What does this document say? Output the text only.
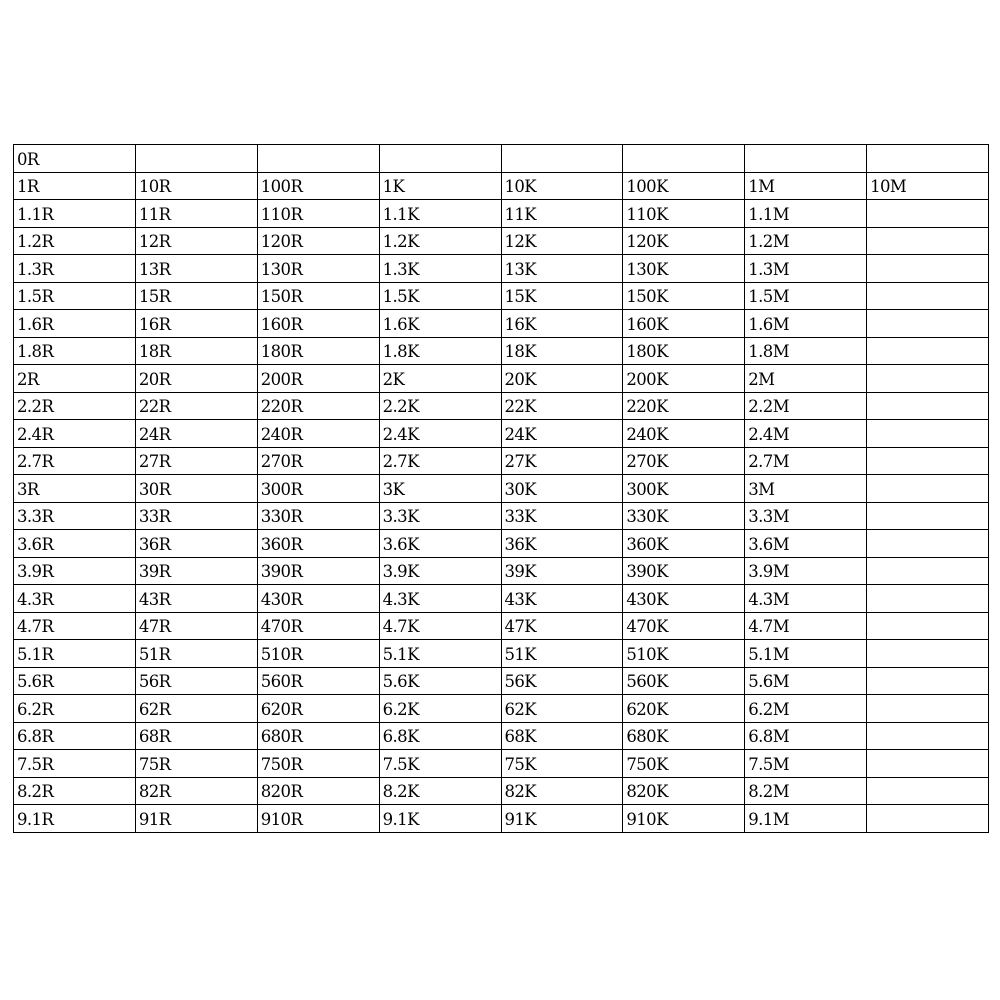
0R							
1R	10R	100R	1K	10K	100K	1M	10M
1.1R	11R	110R	1.1K	11K	110K	1.1M	
1.2R	12R	120R	1.2K	12K	120K	1.2M	
1.3R	13R	130R	1.3K	13K	130K	1.3M	
1.5R	15R	150R	1.5K	15K	150K	1.5M	
1.6R	16R	160R	1.6K	16K	160K	1.6M	
1.8R	18R	180R	1.8K	18K	180K	1.8M	
2R	20R	200R	2K	20K	200K	2M	
2.2R	22R	220R	2.2K	22K	220K	2.2M	
2.4R	24R	240R	2.4K	24K	240K	2.4M	
2.7R	27R	270R	2.7K	27K	270K	2.7M	
3R	30R	300R	3K	30K	300K	3M	
3.3R	33R	330R	3.3K	33K	330K	3.3M	
3.6R	36R	360R	3.6K	36K	360K	3.6M	
3.9R	39R	390R	3.9K	39K	390K	3.9M	
4.3R	43R	430R	4.3K	43K	430K	4.3M	
4.7R	47R	470R	4.7K	47K	470K	4.7M	
5.1R	51R	510R	5.1K	51K	510K	5.1M	
5.6R	56R	560R	5.6K	56K	560K	5.6M	
6.2R	62R	620R	6.2K	62K	620K	6.2M	
6.8R	68R	680R	6.8K	68K	680K	6.8M	
7.5R	75R	750R	7.5K	75K	750K	7.5M	
8.2R	82R	820R	8.2K	82K	820K	8.2M	
9.1R	91R	910R	9.1K	91K	910K	9.1M	
